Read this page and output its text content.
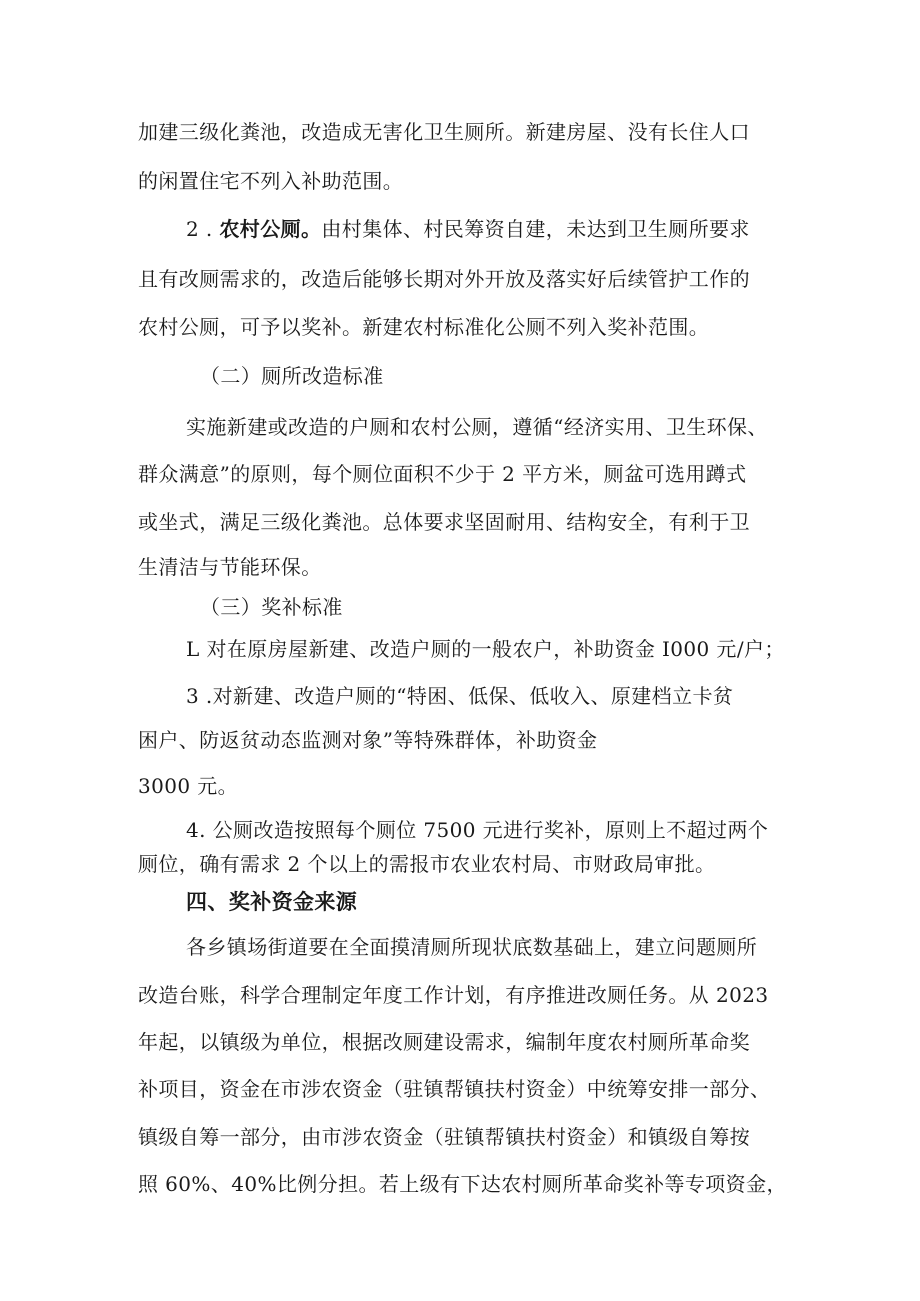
加建三级化粪池，改造成无害化卫生厕所。新建房屋、没有长住人口
的闲置住宅不列入补助范围。
2 . 农村公厕。由村集体、村民筹资自建，未达到卫生厕所要求
且有改厕需求的，改造后能够长期对外开放及落实好后续管护工作的
农村公厕，可予以奖补。新建农村标准化公厕不列入奖补范围。
（二）厕所改造标准
实施新建或改造的户厕和农村公厕，遵循“经济实用、卫生环保、
群众满意”的原则，每个厕位面积不少于 2 平方米，厕盆可选用蹲式
或坐式，满足三级化粪池。总体要求坚固耐用、结构安全，有利于卫
生清洁与节能环保。
（三）奖补标准
L 对在原房屋新建、改造户厕的一般农户，补助资金 I000 元/户；
3 .对新建、改造户厕的“特困、低保、低收入、原建档立卡贫
困户、防返贫动态监测对象”等特殊群体，补助资金
3000 元。
4. 公厕改造按照每个厕位 7500 元进行奖补，原则上不超过两个
厕位，确有需求 2 个以上的需报市农业农村局、市财政局审批。
四、奖补资金来源
各乡镇场街道要在全面摸清厕所现状底数基础上，建立问题厕所
改造台账，科学合理制定年度工作计划，有序推进改厕任务。从 2023
年起，以镇级为单位，根据改厕建设需求，编制年度农村厕所革命奖
补项目，资金在市涉农资金（驻镇帮镇扶村资金）中统筹安排一部分、
镇级自筹一部分，由市涉农资金（驻镇帮镇扶村资金）和镇级自筹按
照 60%、40%比例分担。若上级有下达农村厕所革命奖补等专项资金，
